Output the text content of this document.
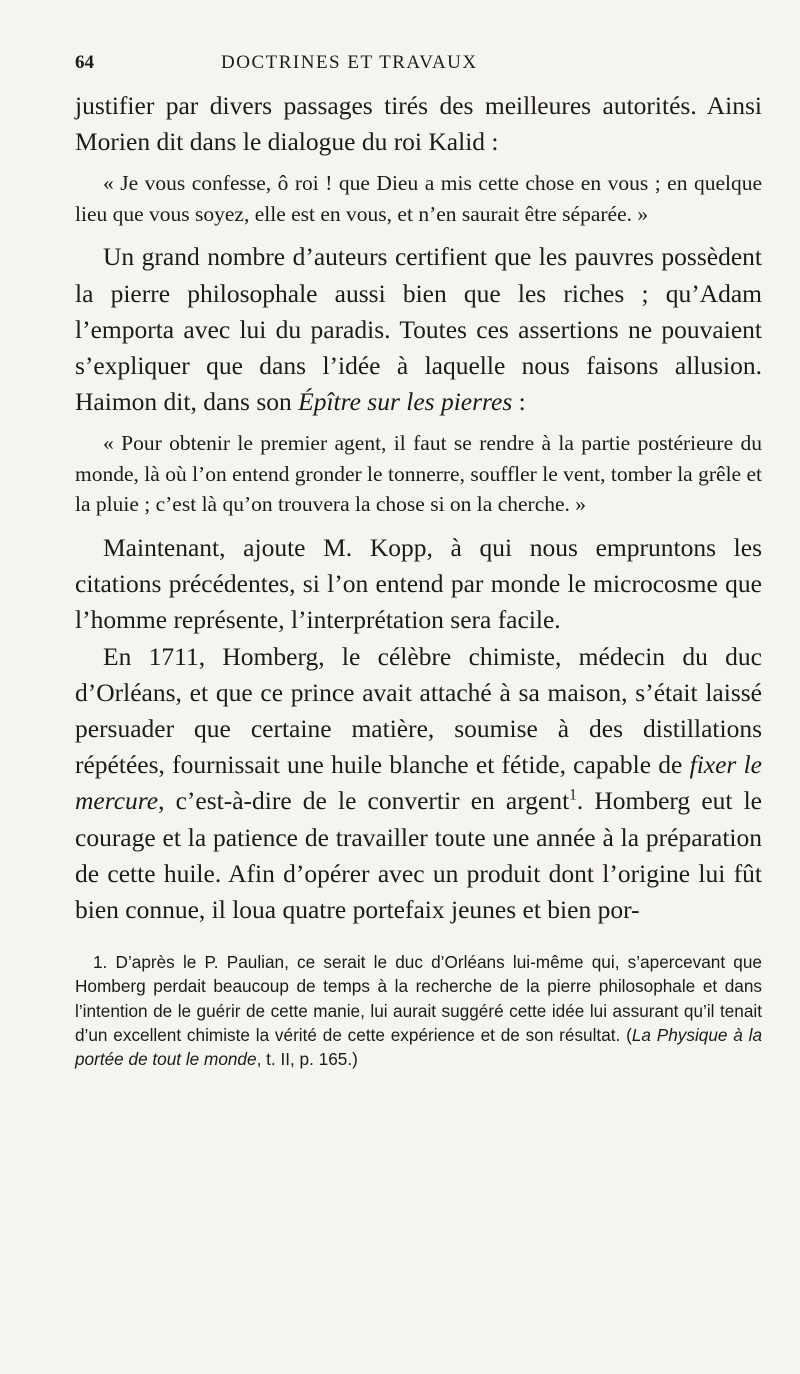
64	DOCTRINES ET TRAVAUX

justifier par divers passages tirés des meilleures autorités. Ainsi Morien dit dans le dialogue du roi Kalid :

« Je vous confesse, ô roi ! que Dieu a mis cette chose en vous ; en quelque lieu que vous soyez, elle est en vous, et n’en saurait être séparée. »

Un grand nombre d’auteurs certifient que les pauvres possèdent la pierre philosophale aussi bien que les riches ; qu’Adam l’emporta avec lui du paradis. Toutes ces assertions ne pouvaient s’expliquer que dans l’idée à laquelle nous faisons allusion. Haimon dit, dans son Épître sur les pierres :

« Pour obtenir le premier agent, il faut se rendre à la partie postérieure du monde, là où l’on entend gronder le tonnerre, souffler le vent, tomber la grêle et la pluie ; c’est là qu’on trouvera la chose si on la cherche. »

Maintenant, ajoute M. Kopp, à qui nous empruntons les citations précédentes, si l’on entend par monde le microcosme que l’homme représente, l’interprétation sera facile.

En 1711, Homberg, le célèbre chimiste, médecin du duc d’Orléans, et que ce prince avait attaché à sa maison, s’était laissé persuader que certaine matière, soumise à des distillations répétées, fournissait une huile blanche et fétide, capable de fixer le mercure, c’est-à-dire de le convertir en argent$^1$. Homberg eut le courage et la patience de travailler toute une année à la préparation de cette huile. Afin d’opérer avec un produit dont l’origine lui fût bien connue, il loua quatre portefaix jeunes et bien por-

1. D’après le P. Paulian, ce serait le duc d’Orléans lui-même qui, s’apercevant que Homberg perdait beaucoup de temps à la recherche de la pierre philosophale et dans l’intention de le guérir de cette manie, lui aurait suggéré cette idée lui assurant qu’il tenait d’un excellent chimiste la vérité de cette expérience et de son résultat. (La Physique à la portée de tout le monde, t. II, p. 165.)
